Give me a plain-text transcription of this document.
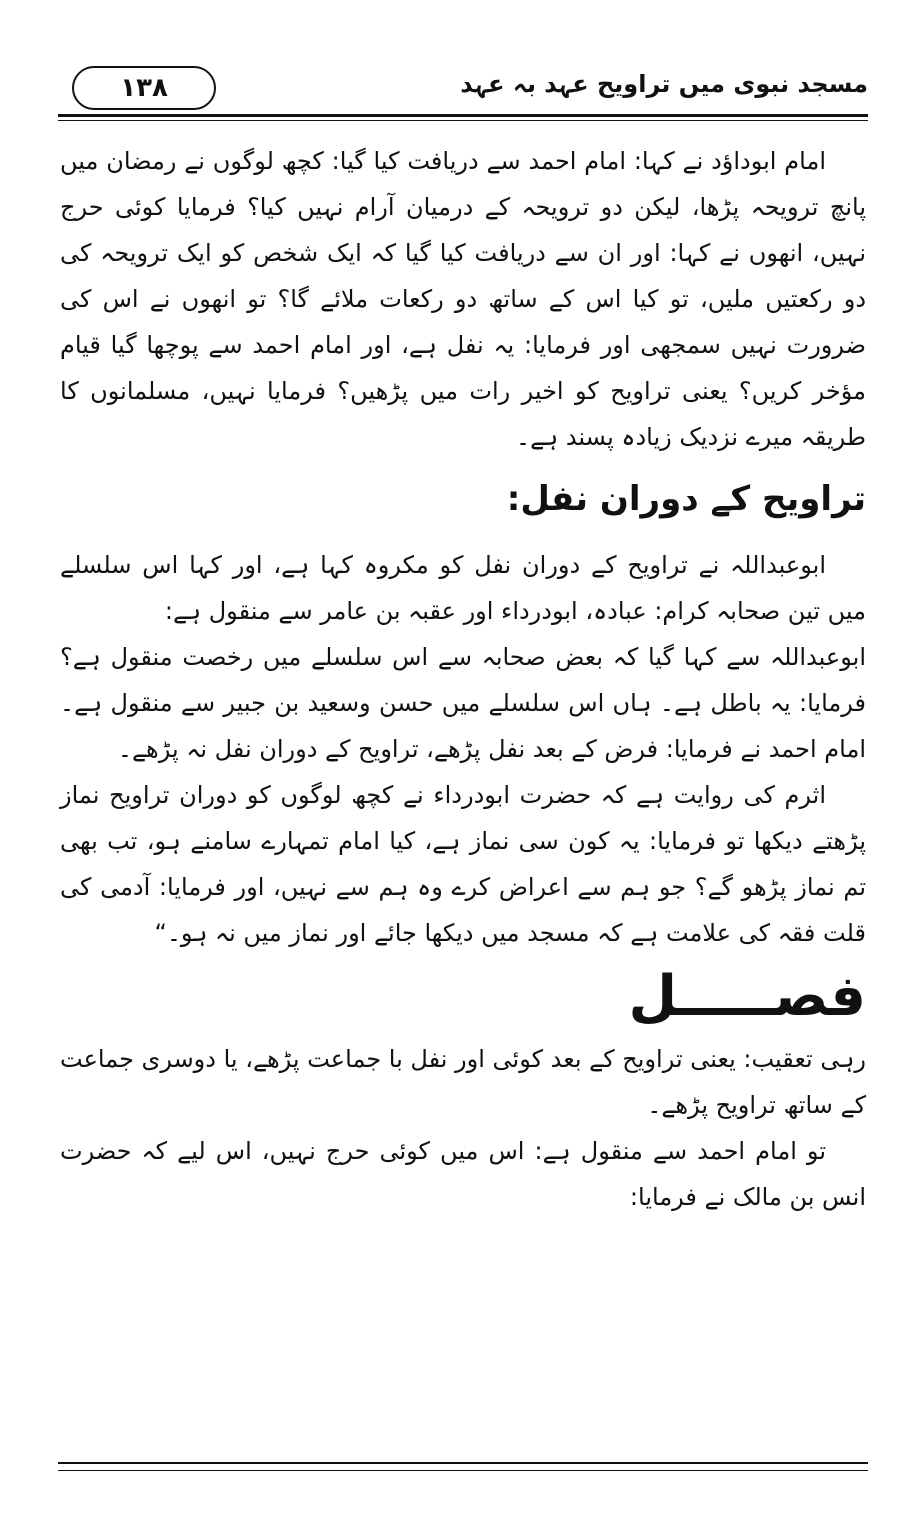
۱۳۸	مسجد نبوی میں تراویح عہد بہ عہد

امام ابوداؤد نے کہا: امام احمد سے دریافت کیا گیا: کچھ لوگوں نے رمضان میں پانچ ترویحہ پڑھا، لیکن دو ترویحہ کے درمیان آرام نہیں کیا؟ فرمایا کوئی حرج نہیں، انھوں نے کہا: اور ان سے دریافت کیا گیا کہ ایک شخص کو ایک ترویحہ کی دو رکعتیں ملیں، تو کیا اس کے ساتھ دو رکعات ملائے گا؟ تو انھوں نے اس کی ضرورت نہیں سمجھی اور فرمایا: یہ نفل ہے، اور امام احمد سے پوچھا گیا قیام مؤخر کریں؟ یعنی تراویح کو اخیر رات میں پڑھیں؟ فرمایا نہیں، مسلمانوں کا طریقہ میرے نزدیک زیادہ پسند ہے۔

تراویح کے دوران نفل:

ابوعبداللہ نے تراویح کے دوران نفل کو مکروہ کہا ہے، اور کہا اس سلسلے میں تین صحابہ کرام: عبادہ، ابودرداء اور عقبہ بن عامر سے منقول ہے:

ابوعبداللہ سے کہا گیا کہ بعض صحابہ سے اس سلسلے میں رخصت منقول ہے؟ فرمایا: یہ باطل ہے۔ ہاں اس سلسلے میں حسن وسعید بن جبیر سے منقول ہے۔ امام احمد نے فرمایا: فرض کے بعد نفل پڑھے، تراویح کے دوران نفل نہ پڑھے۔

اثرم کی روایت ہے کہ حضرت ابودرداء نے کچھ لوگوں کو دوران تراویح نماز پڑھتے دیکھا تو فرمایا: یہ کون سی نماز ہے، کیا امام تمہارے سامنے ہو، تب بھی تم نماز پڑھو گے؟ جو ہم سے اعراض کرے وہ ہم سے نہیں، اور فرمایا: آدمی کی قلت فقہ کی علامت ہے کہ مسجد میں دیکھا جائے اور نماز میں نہ ہو۔“

فصـــــل

رہی تعقیب: یعنی تراویح کے بعد کوئی اور نفل با جماعت پڑھے، یا دوسری جماعت کے ساتھ تراویح پڑھے۔

تو امام احمد سے منقول ہے: اس میں کوئی حرج نہیں، اس لیے کہ حضرت انس بن مالک نے فرمایا:
